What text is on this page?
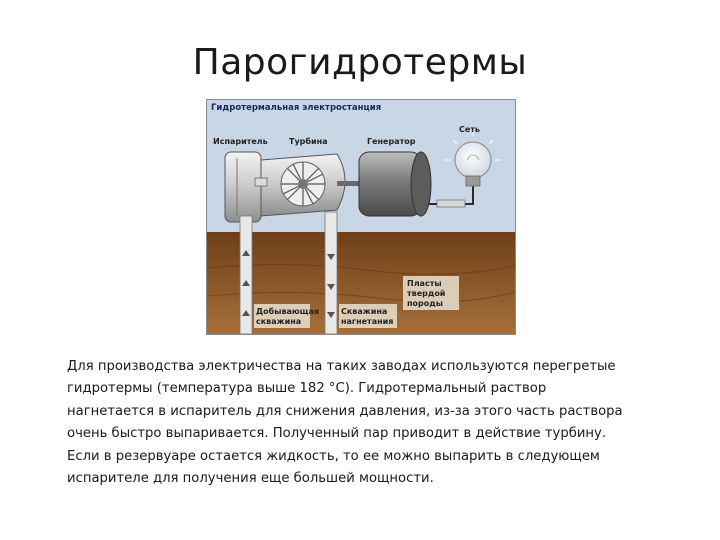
Парогидротермы
Гидротермальная электростанция
Испаритель	Турбина	Генератор
Сеть
Пласты
твердой
породы
Добывающая
скважина
Скважина
нагнетания
Для производства электричества на таких заводах используются перегретые
гидротермы (температура выше 182 °С). Гидротермальный раствор
нагнетается в испаритель для снижения давления, из-за этого часть раствора
очень быстро выпаривается. Полученный пар приводит в действие турбину.
Если в резервуаре остается жидкость, то ее можно выпарить в следующем
испарителе для получения еще большей мощности.
